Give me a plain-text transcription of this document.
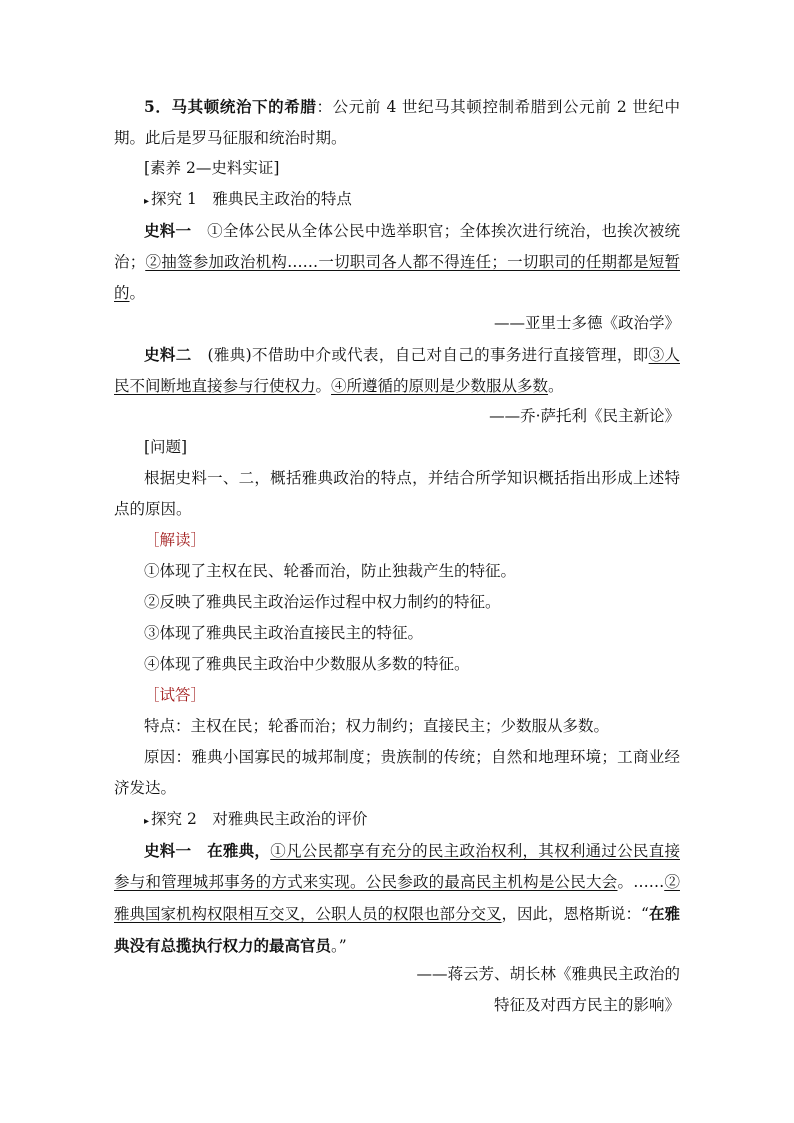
5．马其顿统治下的希腊：公元前 4 世纪马其顿控制希腊到公元前 2 世纪中期。此后是罗马征服和统治时期。
[素养 2—史料实证]
▸ 探究 1　雅典民主政治的特点
史料一　①全体公民从全体公民中选举职官；全体挨次进行统治，也挨次被统治；②抽签参加政治机构……一切职司各人都不得连任；一切职司的任期都是短暂的。
——亚里士多德《政治学》
史料二　(雅典)不借助中介或代表，自己对自己的事务进行直接管理，即③人民不间断地直接参与行使权力。④所遵循的原则是少数服从多数。
——乔·萨托利《民主新论》
[问题]
根据史料一、二，概括雅典政治的特点，并结合所学知识概括指出形成上述特点的原因。
［解读］
①体现了主权在民、轮番而治，防止独裁产生的特征。
②反映了雅典民主政治运作过程中权力制约的特征。
③体现了雅典民主政治直接民主的特征。
④体现了雅典民主政治中少数服从多数的特征。
［试答］
特点：主权在民；轮番而治；权力制约；直接民主；少数服从多数。
原因：雅典小国寡民的城邦制度；贵族制的传统；自然和地理环境；工商业经济发达。
▸ 探究 2　对雅典民主政治的评价
史料一　在雅典，①凡公民都享有充分的民主政治权利，其权利通过公民直接参与和管理城邦事务的方式来实现。公民参政的最高民主机构是公民大会。……②雅典国家机构权限相互交叉，公职人员的权限也部分交叉，因此，恩格斯说：“在雅典没有总揽执行权力的最高官员。”
——蒋云芳、胡长林《雅典民主政治的
特征及对西方民主的影响》
